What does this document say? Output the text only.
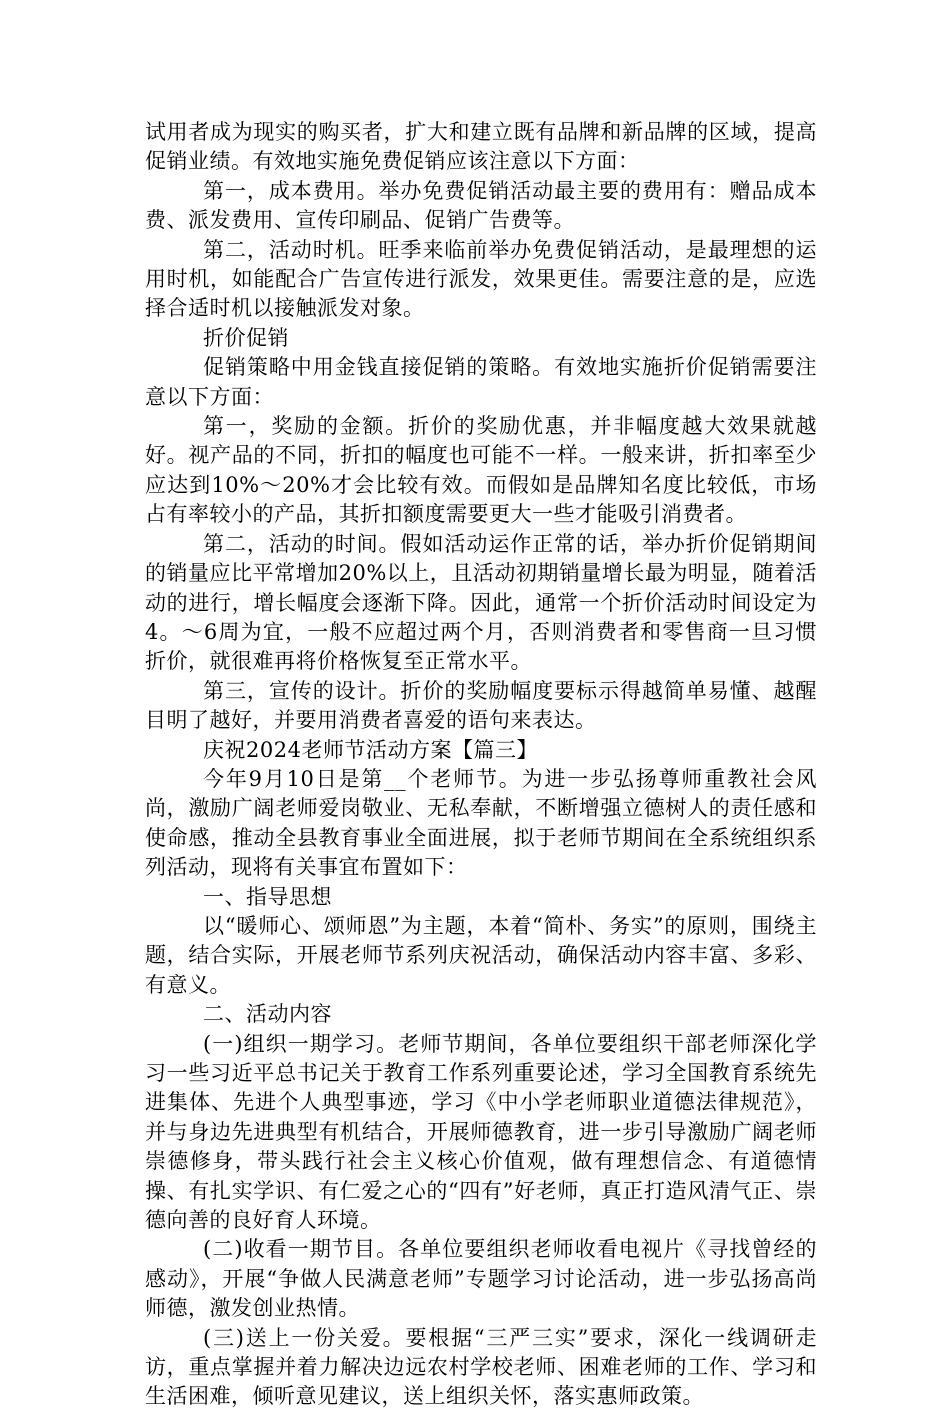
试用者成为现实的购买者，扩大和建立既有品牌和新品牌的区域，提高促销业绩。有效地实施免费促销应该注意以下方面：

第一，成本费用。举办免费促销活动最主要的费用有：赠品成本费、派发费用、宣传印刷品、促销广告费等。

第二，活动时机。旺季来临前举办免费促销活动，是最理想的运用时机，如能配合广告宣传进行派发，效果更佳。需要注意的是，应选择合适时机以接触派发对象。

折价促销

促销策略中用金钱直接促销的策略。有效地实施折价促销需要注意以下方面：

第一，奖励的金额。折价的奖励优惠，并非幅度越大效果就越好。视产品的不同，折扣的幅度也可能不一样。一般来讲，折扣率至少应达到10%～20%才会比较有效。而假如是品牌知名度比较低，市场占有率较小的产品，其折扣额度需要更大一些才能吸引消费者。

第二，活动的时间。假如活动运作正常的话，举办折价促销期间的销量应比平常增加20%以上，且活动初期销量增长最为明显，随着活动的进行，增长幅度会逐渐下降。因此，通常一个折价活动时间设定为4。～6周为宜，一般不应超过两个月，否则消费者和零售商一旦习惯折价，就很难再将价格恢复至正常水平。

第三，宣传的设计。折价的奖励幅度要标示得越简单易懂、越醒目明了越好，并要用消费者喜爱的语句来表达。

庆祝2024老师节活动方案【篇三】

今年9月10日是第__个老师节。为进一步弘扬尊师重教社会风尚，激励广阔老师爱岗敬业、无私奉献，不断增强立德树人的责任感和使命感，推动全县教育事业全面进展，拟于老师节期间在全系统组织系列活动，现将有关事宜布置如下：

一、指导思想

以“暖师心、颂师恩”为主题，本着“简朴、务实”的原则，围绕主题，结合实际，开展老师节系列庆祝活动，确保活动内容丰富、多彩、有意义。

二、活动内容

(一)组织一期学习。老师节期间，各单位要组织干部老师深化学习一些习近平总书记关于教育工作系列重要论述，学习全国教育系统先进集体、先进个人典型事迹，学习《中小学老师职业道德法律规范》，并与身边先进典型有机结合，开展师德教育，进一步引导激励广阔老师崇德修身，带头践行社会主义核心价值观，做有理想信念、有道德情操、有扎实学识、有仁爱之心的“四有”好老师，真正打造风清气正、崇德向善的良好育人环境。

(二)收看一期节目。各单位要组织老师收看电视片《寻找曾经的感动》，开展“争做人民满意老师”专题学习讨论活动，进一步弘扬高尚师德，激发创业热情。

(三)送上一份关爱。要根据“三严三实”要求，深化一线调研走访，重点掌握并着力解决边远农村学校老师、困难老师的工作、学习和生活困难，倾听意见建议，送上组织关怀，落实惠师政策。
